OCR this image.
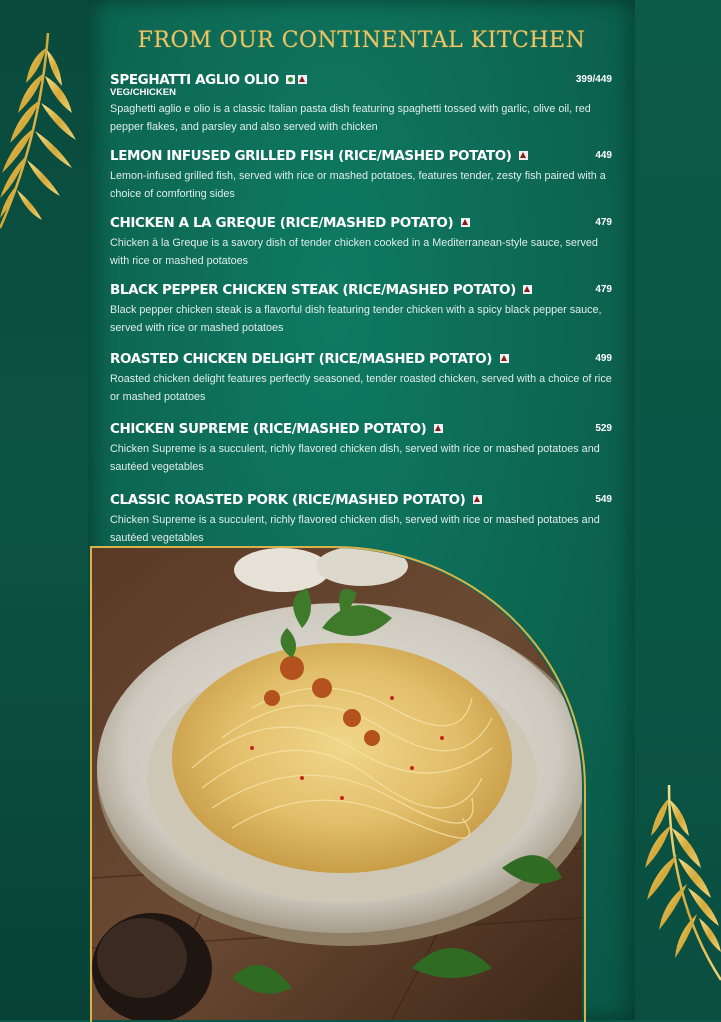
FROM OUR CONTINENTAL KITCHEN
SPEGHATTI AGLIO OLIO	399/449
VEG/CHICKEN
Spaghetti aglio e olio is a classic Italian pasta dish featuring spaghetti tossed with garlic, olive oil, red pepper flakes, and parsley and also served with chicken
LEMON INFUSED GRILLED FISH (RICE/MASHED POTATO)	449
Lemon-infused grilled fish, served with rice or mashed potatoes, features tender, zesty fish paired with a choice of comforting sides
CHICKEN A LA GREQUE (RICE/MASHED POTATO)	479
Chicken à la Greque is a savory dish of tender chicken cooked in a Mediterranean-style sauce, served with rice or mashed potatoes
BLACK PEPPER CHICKEN STEAK (RICE/MASHED POTATO)	479
Black pepper chicken steak is a flavorful dish featuring tender chicken with a spicy black pepper sauce, served with rice or mashed potatoes
ROASTED CHICKEN DELIGHT (RICE/MASHED POTATO)	499
Roasted chicken delight features perfectly seasoned, tender roasted chicken, served with a choice of rice or mashed potatoes
CHICKEN SUPREME (RICE/MASHED POTATO)	529
Chicken Supreme is a succulent, richly flavored chicken dish, served with rice or mashed potatoes and sautéed vegetables
CLASSIC ROASTED PORK (RICE/MASHED POTATO)	549
Chicken Supreme is a succulent, richly flavored chicken dish, served with rice or mashed potatoes and sautéed vegetables
